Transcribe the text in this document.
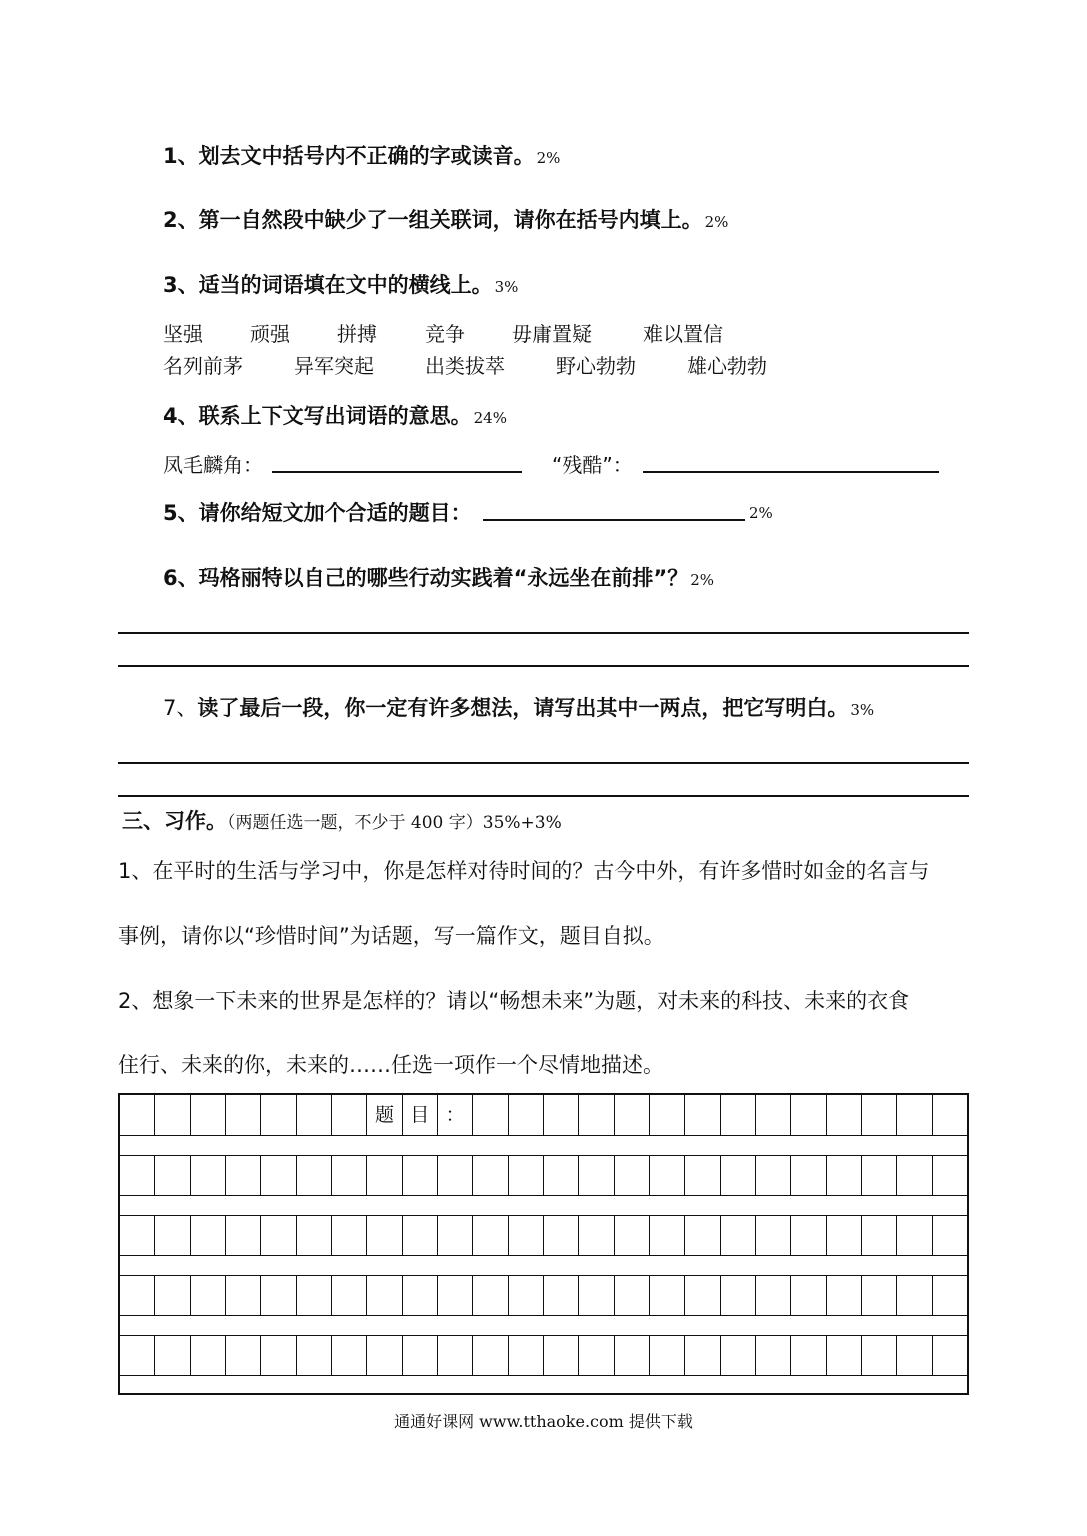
1、划去文中括号内不正确的字或读音。 2%
2、第一自然段中缺少了一组关联词，请你在括号内填上。 2%
3、适当的词语填在文中的横线上。 3%
坚强 顽强 拼搏 竞争 毋庸置疑	难以置信
名列前茅	异军突起	出类拔萃	野心勃勃	雄心勃勃
4、联系上下文写出词语的意思。 24%
凤毛麟角：	“残酷”：
5、请你给短文加个合适的题目：	2%
6、玛格丽特以自己的哪些行动实践着“永远坐在前排”？ 2%
7、读了最后一段，你一定有许多想法，请写出其中一两点，把它写明白。 3%
三、习作。（两题任选一题，不少于 400 字）35%+3%
1、在平时的生活与学习中，你是怎样对待时间的？古今中外，有许多惜时如金的名言与
事例，请你以“珍惜时间”为话题，写一篇作文，题目自拟。
2、想象一下未来的世界是怎样的？请以“畅想未来”为题，对未来的科技、未来的衣食
住行、未来的你，未来的……任选一项作一个尽情地描述。
题 目 ：
通通好课网 www.tthaoke.com 提供下载
